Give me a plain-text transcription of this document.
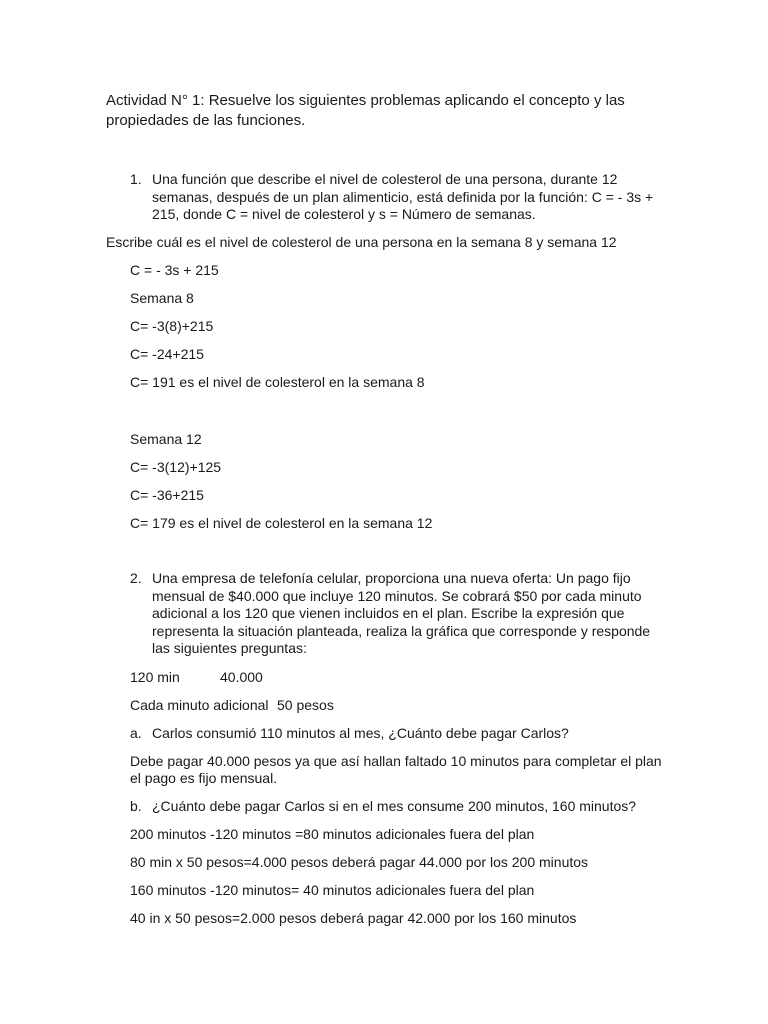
Actividad N° 1: Resuelve los siguientes problemas aplicando el concepto y las
propiedades de las funciones.
1. Una función que describe el nivel de colesterol de una persona, durante 12
semanas, después de un plan alimenticio, está definida por la función: C = - 3s +
215, donde C = nivel de colesterol y s = Número de semanas.
Escribe cuál es el nivel de colesterol de una persona en la semana 8 y semana 12
C = - 3s + 215
Semana 8
C= -3(8)+215
C= -24+215
C= 191 es el nivel de colesterol en la semana 8
Semana 12
C= -3(12)+125
C= -36+215
C= 179 es el nivel de colesterol en la semana 12
2. Una empresa de telefonía celular, proporciona una nueva oferta: Un pago fijo
mensual de $40.000 que incluye 120 minutos. Se cobrará $50 por cada minuto
adicional a los 120 que vienen incluidos en el plan. Escribe la expresión que
representa la situación planteada, realiza la gráfica que corresponde y responde
las siguientes preguntas:
120 min	40.000
Cada minuto adicional 50 pesos
a. Carlos consumió 110 minutos al mes, ¿Cuánto debe pagar Carlos?
Debe pagar 40.000 pesos ya que así hallan faltado 10 minutos para completar el plan
el pago es fijo mensual.
b. ¿Cuánto debe pagar Carlos si en el mes consume 200 minutos, 160 minutos?
200 minutos -120 minutos =80 minutos adicionales fuera del plan
80 min x 50 pesos=4.000 pesos deberá pagar 44.000 por los 200 minutos
160 minutos -120 minutos= 40 minutos adicionales fuera del plan
40 in x 50 pesos=2.000 pesos deberá pagar 42.000 por los 160 minutos
